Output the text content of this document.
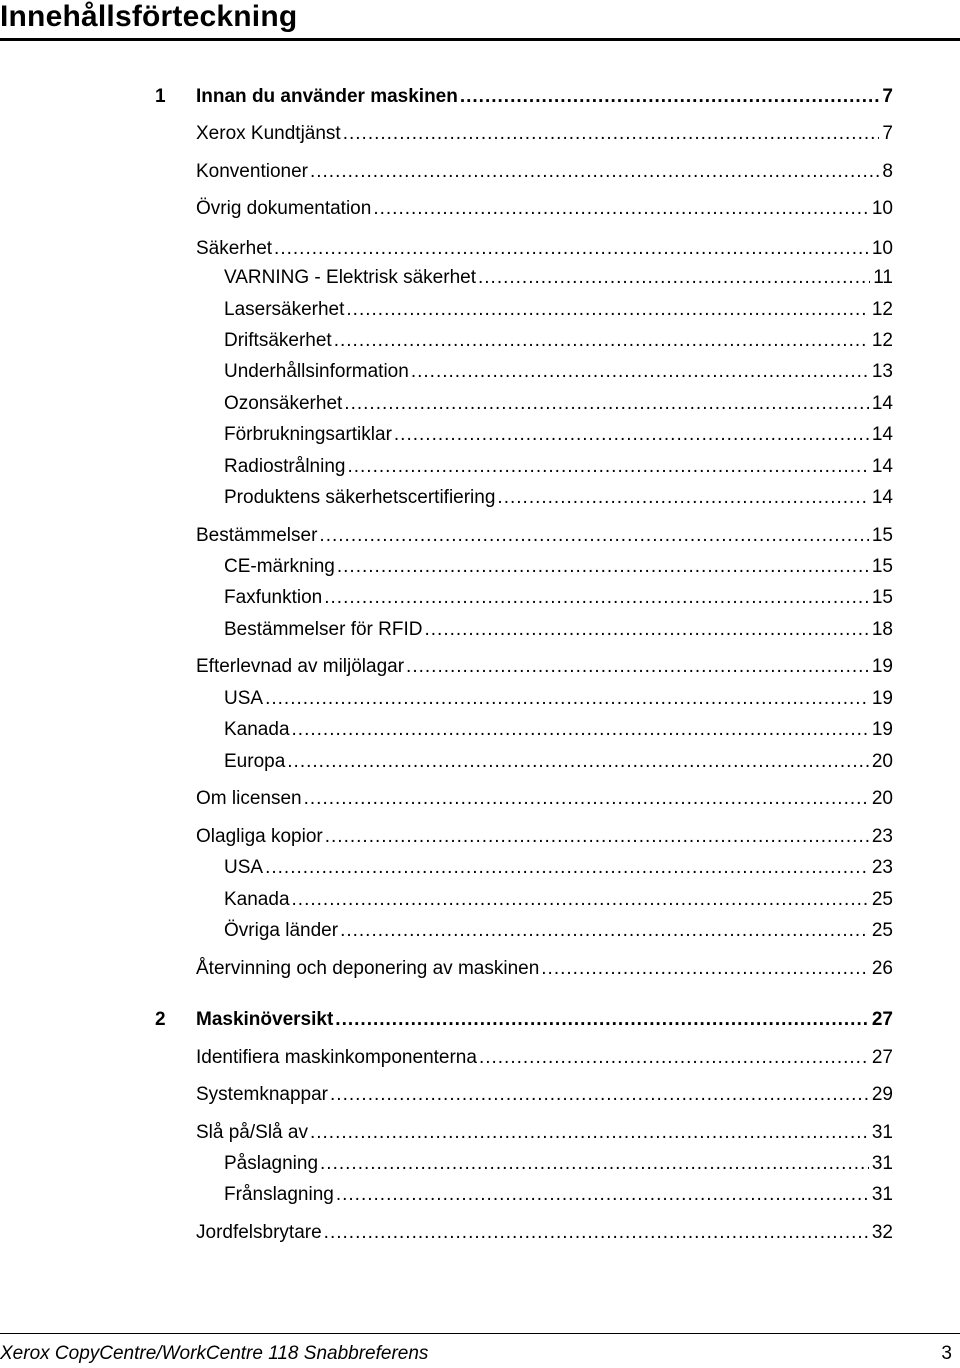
Innehållsförteckning
1 Innan du använder maskinen .....	7
Xerox Kundtjänst .....	7
Konventioner .....	8
Övrig dokumentation .....	10
Säkerhet .....	10
VARNING - Elektrisk säkerhet .....	11
Lasersäkerhet .....	12
Driftsäkerhet .....	12
Underhållsinformation .....	13
Ozonsäkerhet .....	14
Förbrukningsartiklar .....	14
Radiostrålning .....	14
Produktens säkerhetscertifiering .....	14
Bestämmelser .....	15
CE-märkning .....	15
Faxfunktion .....	15
Bestämmelser för RFID .....	18
Efterlevnad av miljölagar .....	19
USA .....	19
Kanada .....	19
Europa .....	20
Om licensen .....	20
Olagliga kopior .....	23
USA .....	23
Kanada .....	25
Övriga länder .....	25
Återvinning och deponering av maskinen .....	26
2 Maskinöversikt .....	27
Identifiera maskinkomponenterna .....	27
Systemknappar .....	29
Slå på/Slå av .....	31
Påslagning .....	31
Frånslagning .....	31
Jordfelsbrytare .....	32
Xerox CopyCentre/WorkCentre 118 Snabbreferens	3
